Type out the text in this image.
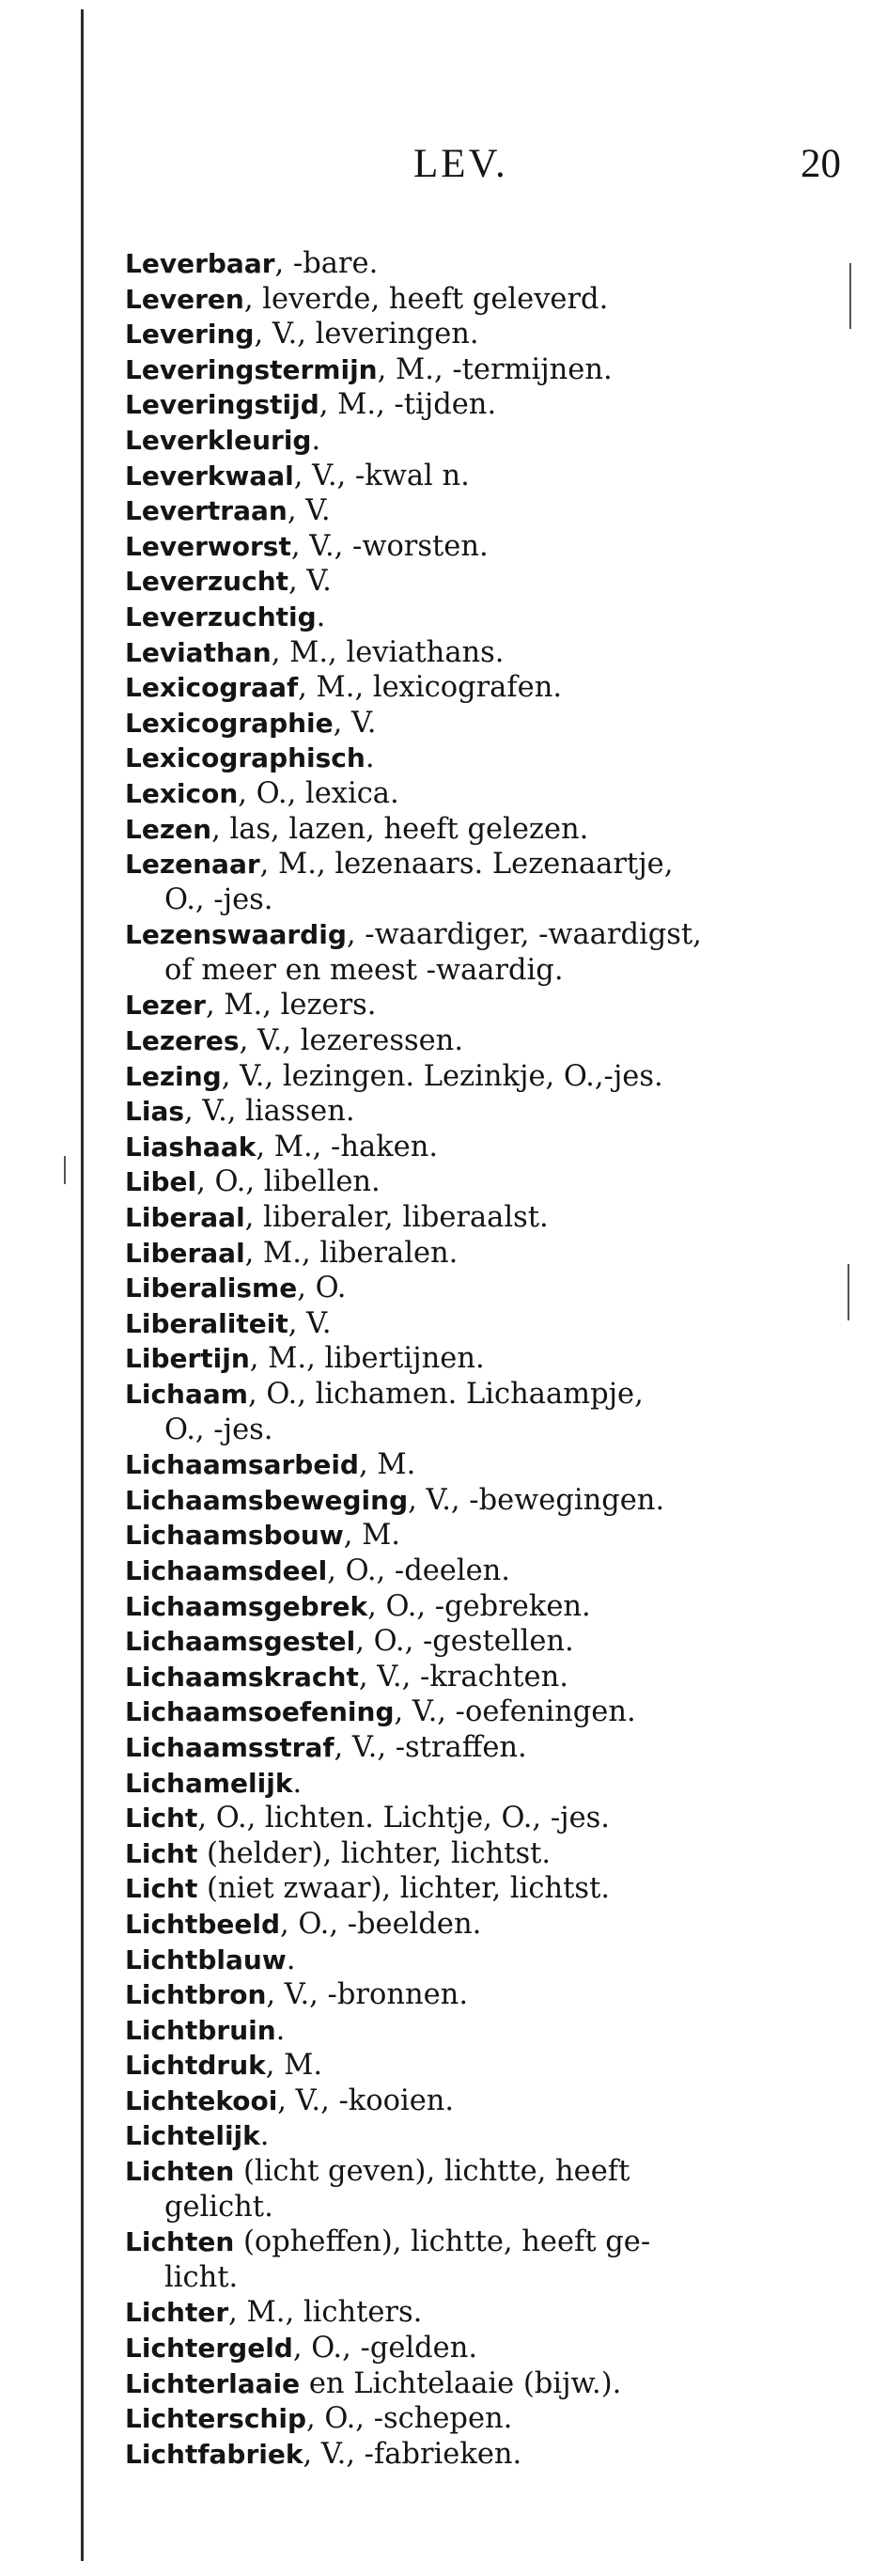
LEV.	20
Leverbaar, -bare.
Leveren, leverde, heeft geleverd.
Levering, V., leveringen.
Leveringstermijn, M., -termijnen.
Leveringstijd, M., -tijden.
Leverkleurig.
Leverkwaal, V., -kwal n.
Levertraan, V.
Leverworst, V., -worsten.
Leverzucht, V.
Leverzuchtig.
Leviathan, M., leviathans.
Lexicograaf, M., lexicografen.
Lexicographie, V.
Lexicographisch.
Lexicon, O., lexica.
Lezen, las, lazen, heeft gelezen.
Lezenaar, M., lezenaars. Lezenaartje,
O., -jes.
Lezenswaardig, -waardiger, -waardigst,
of meer en meest -waardig.
Lezer, M., lezers.
Lezeres, V., lezeressen.
Lezing, V., lezingen. Lezinkje, O.,-jes.
Lias, V., liassen.
Liashaak, M., -haken.
Libel, O., libellen.
Liberaal, liberaler, liberaalst.
Liberaal, M., liberalen.
Liberalisme, O.
Liberaliteit, V.
Libertijn, M., libertijnen.
Lichaam, O., lichamen. Lichaampje,
O., -jes.
Lichaamsarbeid, M.
Lichaamsbeweging, V., -bewegingen.
Lichaamsbouw, M.
Lichaamsdeel, O., -deelen.
Lichaamsgebrek, O., -gebreken.
Lichaamsgestel, O., -gestellen.
Lichaamskracht, V., -krachten.
Lichaamsoefening, V., -oefeningen.
Lichaamsstraf, V., -straffen.
Lichamelijk.
Licht, O., lichten. Lichtje, O., -jes.
Licht (helder), lichter, lichtst.
Licht (niet zwaar), lichter, lichtst.
Lichtbeeld, O., -beelden.
Lichtblauw.
Lichtbron, V., -bronnen.
Lichtbruin.
Lichtdruk, M.
Lichtekooi, V., -kooien.
Lichtelijk.
Lichten (licht geven), lichtte, heeft
gelicht.
Lichten (opheffen), lichtte, heeft ge-
licht.
Lichter, M., lichters.
Lichtergeld, O., -gelden.
Lichterlaaie en Lichtelaaie (bijw.).
Lichterschip, O., -schepen.
Lichtfabriek, V., -fabrieken.
